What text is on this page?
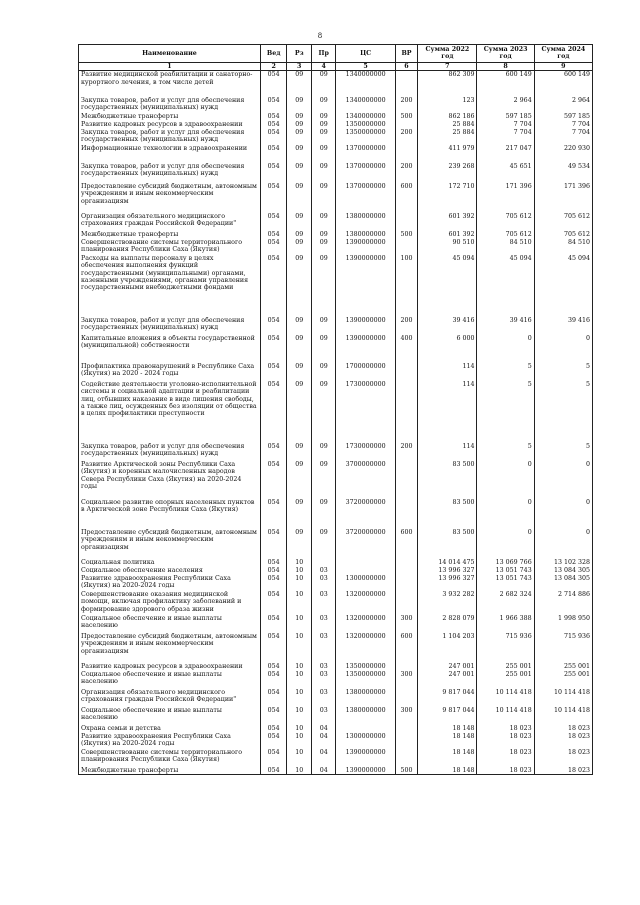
8
Наименование	Вед	Рз	Пр	ЦС	ВР	Сумма 2022 год	Сумма 2023 год	Сумма 2024 год
1	2	3	4	5	6	7	8	9
Развитие медицинской реабилитации и санаторно-курортного лечения, в том числе детей	054	09	09	1340000000		862 309	600 149	600 149
Закупка товаров, работ и услуг для обеспечения государственных (муниципальных) нужд	054	09	09	1340000000	200	123	2 964	2 964
Межбюджетные трансферты	054	09	09	1340000000	500	862 186	597 185	597 185
Развитие кадровых ресурсов в здравоохранении	054	09	09	1350000000		25 884	7 704	7 704
Закупка товаров, работ и услуг для обеспечения государственных (муниципальных) нужд	054	09	09	1350000000	200	25 884	7 704	7 704
Информационные технологии в здравоохранении	054	09	09	1370000000		411 979	217 047	220 930
Закупка товаров, работ и услуг для обеспечения государственных (муниципальных) нужд	054	09	09	1370000000	200	239 268	45 651	49 534
Предоставление субсидий бюджетным, автономным учреждениям и иным некоммерческим организациям	054	09	09	1370000000	600	172 710	171 396	171 396
Организация обязательного медицинского страхования граждан Российской Федерации"	054	09	09	1380000000		601 392	705 612	705 612
Межбюджетные трансферты	054	09	09	1380000000	500	601 392	705 612	705 612
Совершенствование системы территориального планирования Республики Саха (Якутия)	054	09	09	1390000000		90 510	84 510	84 510
Расходы на выплаты персоналу в целях обеспечения выполнения функций государственными (муниципальными) органами, казенными учреждениями, органами управления государственными внебюджетными фондами	054	09	09	1390000000	100	45 094	45 094	45 094
Закупка товаров, работ и услуг для обеспечения государственных (муниципальных) нужд	054	09	09	1390000000	200	39 416	39 416	39 416
Капитальные вложения в объекты государственной (муниципальной) собственности	054	09	09	1390000000	400	6 000	0	0
Профилактика правонарушений в Республике Саха (Якутия) на 2020 - 2024 годы	054	09	09	1700000000		114	5	5
Содействие деятельности уголовно-исполнительной системы и социальной адаптации и реабилитации лиц, отбывших наказание в виде лишения свободы, а также лиц, осужденных без изоляции от общества в целях профилактики преступности	054	09	09	1730000000		114	5	5
Закупка товаров, работ и услуг для обеспечения государственных (муниципальных) нужд	054	09	09	1730000000	200	114	5	5
Развитие Арктической зоны Республики Саха (Якутия) и коренных малочисленных народов Севера Республики Саха (Якутия) на 2020-2024 годы	054	09	09	3700000000		83 500	0	0
Социальное развитие опорных населенных пунктов в Арктической зоне Республики Саха (Якутия)	054	09	09	3720000000		83 500	0	0
Предоставление субсидий бюджетным, автономным учреждениям и иным некоммерческим организациям	054	09	09	3720000000	600	83 500	0	0
Социальная политика	054	10				14 014 475	13 069 766	13 102 328
Социальное обеспечение населения	054	10	03			13 996 327	13 051 743	13 084 305
Развитие здравоохранения Республики Саха (Якутия) на 2020-2024 годы	054	10	03	1300000000		13 996 327	13 051 743	13 084 305
Совершенствование оказания медицинской помощи, включая профилактику заболеваний и формирование здорового образа жизни	054	10	03	1320000000		3 932 282	2 682 324	2 714 886
Социальное обеспечение и иные выплаты населению	054	10	03	1320000000	300	2 828 079	1 966 388	1 998 950
Предоставление субсидий бюджетным, автономным учреждениям и иным некоммерческим организациям	054	10	03	1320000000	600	1 104 203	715 936	715 936
Развитие кадровых ресурсов в здравоохранении	054	10	03	1350000000		247 001	255 001	255 001
Социальное обеспечение и иные выплаты населению	054	10	03	1350000000	300	247 001	255 001	255 001
Организация обязательного медицинского страхования граждан Российской Федерации"	054	10	03	1380000000		9 817 044	10 114 418	10 114 418
Социальное обеспечение и иные выплаты населению	054	10	03	1380000000	300	9 817 044	10 114 418	10 114 418
Охрана семьи и детства	054	10	04			18 148	18 023	18 023
Развитие здравоохранения Республики Саха (Якутия) на 2020-2024 годы	054	10	04	1300000000		18 148	18 023	18 023
Совершенствование системы территориального планирования Республики Саха (Якутия)	054	10	04	1390000000		18 148	18 023	18 023
Межбюджетные трансферты	054	10	04	1390000000	500	18 148	18 023	18 023
